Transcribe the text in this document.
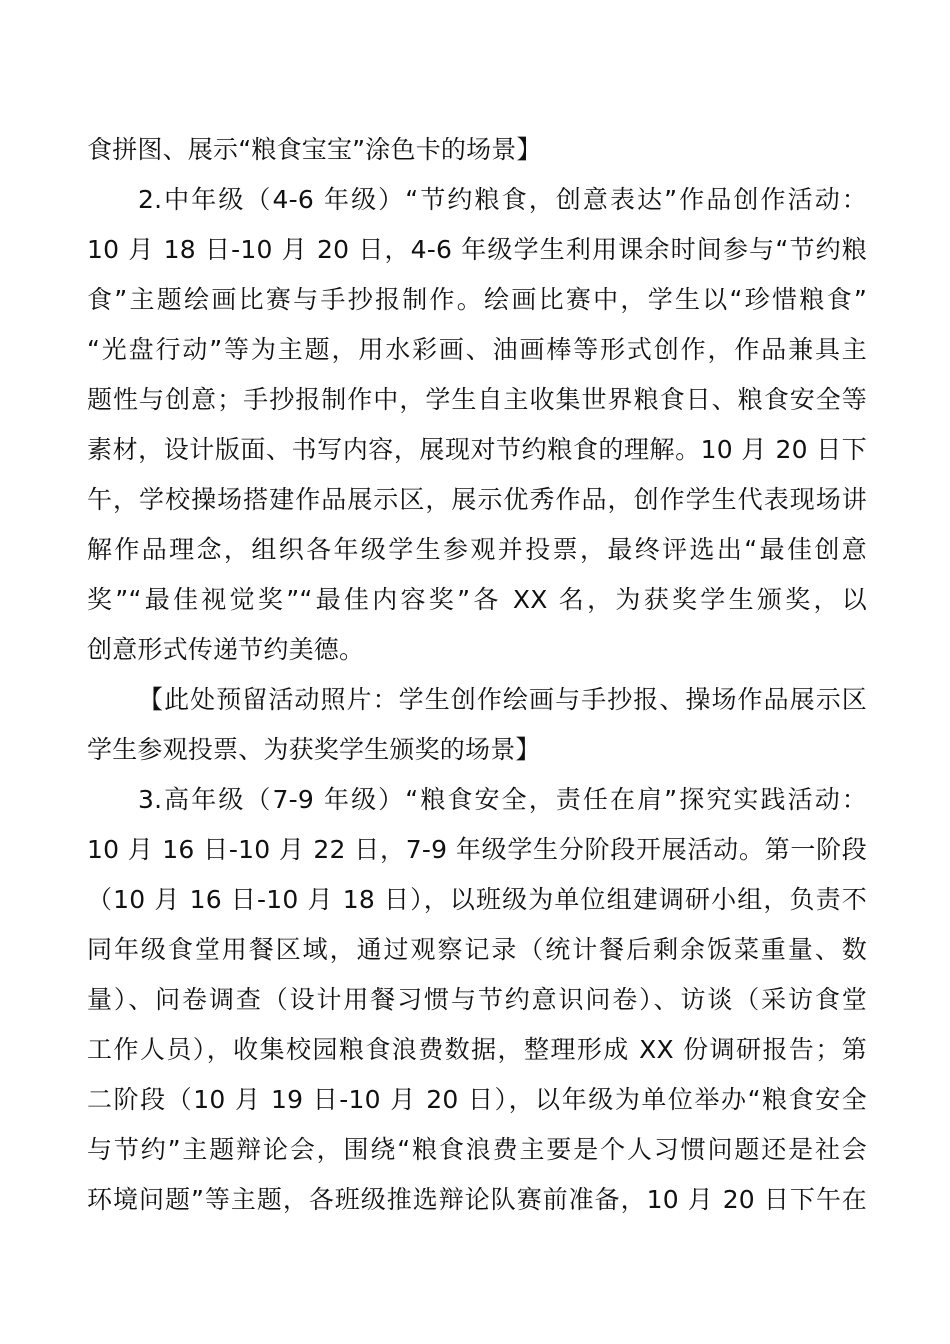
食拼图、展示“粮食宝宝”涂色卡的场景】
2.中年级（4-6 年级）“节约粮食，创意表达”作品创作活动：
10 月 18 日-10 月 20 日，4-6 年级学生利用课余时间参与“节约粮
食”主题绘画比赛与手抄报制作。绘画比赛中，学生以“珍惜粮食”
“光盘行动”等为主题，用水彩画、油画棒等形式创作，作品兼具主
题性与创意；手抄报制作中，学生自主收集世界粮食日、粮食安全等
素材，设计版面、书写内容，展现对节约粮食的理解。10 月 20 日下
午，学校操场搭建作品展示区，展示优秀作品，创作学生代表现场讲
解作品理念，组织各年级学生参观并投票，最终评选出“最佳创意
奖”“最佳视觉奖”“最佳内容奖”各 XX 名，为获奖学生颁奖，以
创意形式传递节约美德。
【此处预留活动照片：学生创作绘画与手抄报、操场作品展示区
学生参观投票、为获奖学生颁奖的场景】
3.高年级（7-9 年级）“粮食安全，责任在肩”探究实践活动：
10 月 16 日-10 月 22 日，7-9 年级学生分阶段开展活动。第一阶段
（10 月 16 日-10 月 18 日），以班级为单位组建调研小组，负责不
同年级食堂用餐区域，通过观察记录（统计餐后剩余饭菜重量、数
量）、问卷调查（设计用餐习惯与节约意识问卷）、访谈（采访食堂
工作人员），收集校园粮食浪费数据，整理形成 XX 份调研报告；第
二阶段（10 月 19 日-10 月 20 日），以年级为单位举办“粮食安全
与节约”主题辩论会，围绕“粮食浪费主要是个人习惯问题还是社会
环境问题”等主题，各班级推选辩论队赛前准备，10 月 20 日下午在
